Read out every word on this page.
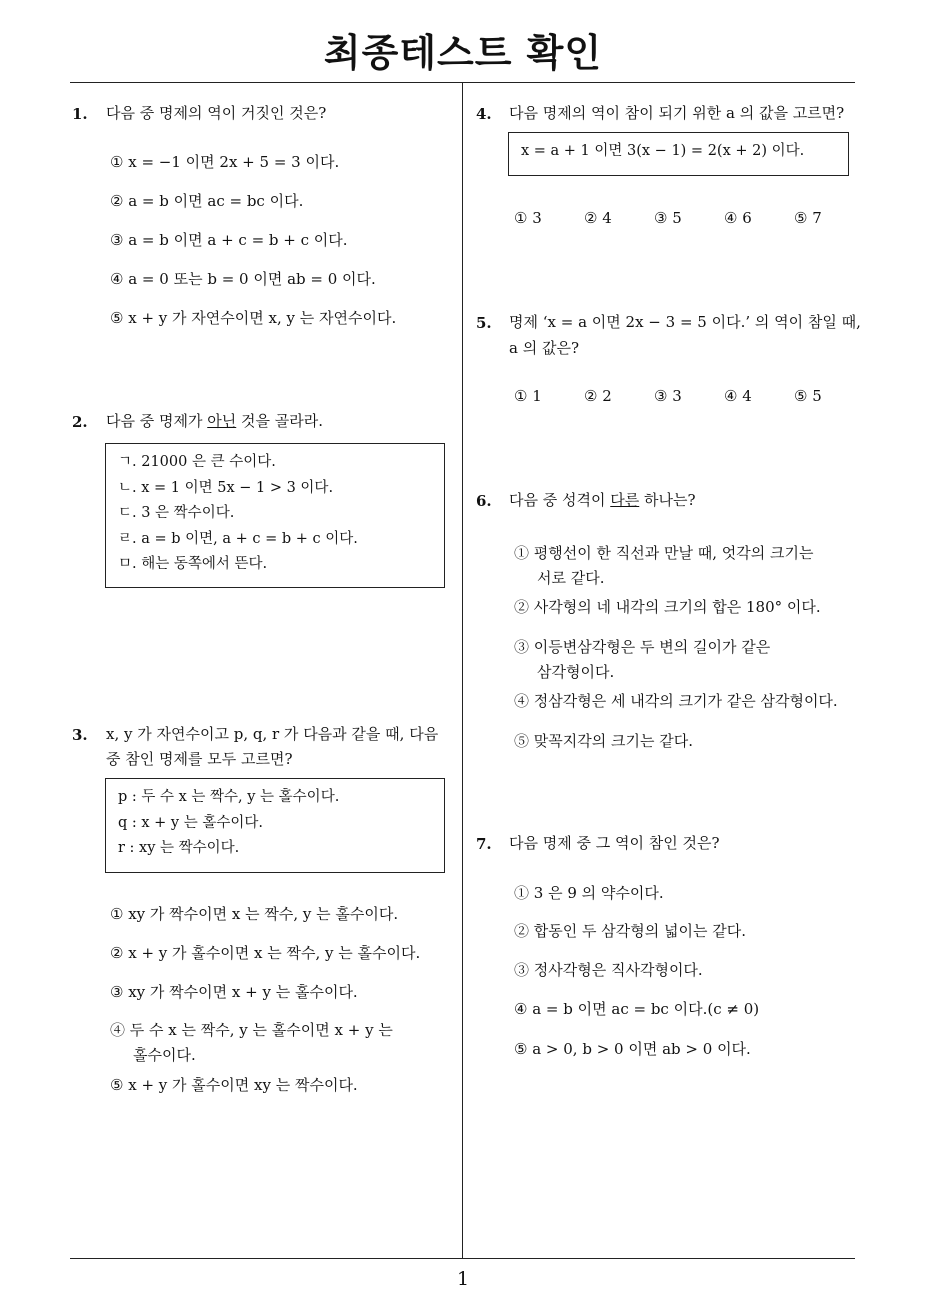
최종테스트 확인
1. 다음 중 명제의 역이 거짓인 것은?
① x = −1 이면 2x + 5 = 3 이다.
② a = b 이면 ac = bc 이다.
③ a = b 이면 a + c = b + c 이다.
④ a = 0 또는 b = 0 이면 ab = 0 이다.
⑤ x + y 가 자연수이면 x, y 는 자연수이다.
2. 다음 중 명제가 아닌 것을 골라라.
ㄱ. 21000 은 큰 수이다.
ㄴ. x = 1 이면 5x − 1 > 3 이다.
ㄷ. 3 은 짝수이다.
ㄹ. a = b 이면, a + c = b + c 이다.
ㅁ. 해는 동쪽에서 뜬다.
3. x, y 가 자연수이고 p, q, r 가 다음과 같을 때, 다음
중 참인 명제를 모두 고르면?
p : 두 수 x 는 짝수, y 는 홀수이다.
q : x + y 는 홀수이다.
r : xy 는 짝수이다.
① xy 가 짝수이면 x 는 짝수, y 는 홀수이다.
② x + y 가 홀수이면 x 는 짝수, y 는 홀수이다.
③ xy 가 짝수이면 x + y 는 홀수이다.
④ 두 수 x 는 짝수, y 는 홀수이면 x + y 는
홀수이다.
⑤ x + y 가 홀수이면 xy 는 짝수이다.
4. 다음 명제의 역이 참이 되기 위한 a 의 값을 고르면?
x = a + 1 이면 3(x − 1) = 2(x + 2) 이다.
① 3	② 4	③ 5	④ 6	⑤ 7
5. 명제 ‘x = a 이면 2x − 3 = 5 이다.’ 의 역이 참일 때,
a 의 값은?
① 1	② 2	③ 3	④ 4	⑤ 5
6. 다음 중 성격이 다른 하나는?
① 평행선이 한 직선과 만날 때, 엇각의 크기는
서로 같다.
② 사각형의 네 내각의 크기의 합은 180° 이다.
③ 이등변삼각형은 두 변의 길이가 같은
삼각형이다.
④ 정삼각형은 세 내각의 크기가 같은 삼각형이다.
⑤ 맞꼭지각의 크기는 같다.
7. 다음 명제 중 그 역이 참인 것은?
① 3 은 9 의 약수이다.
② 합동인 두 삼각형의 넓이는 같다.
③ 정사각형은 직사각형이다.
④ a = b 이면 ac = bc 이다.(c ≠ 0)
⑤ a > 0, b > 0 이면 ab > 0 이다.
1
